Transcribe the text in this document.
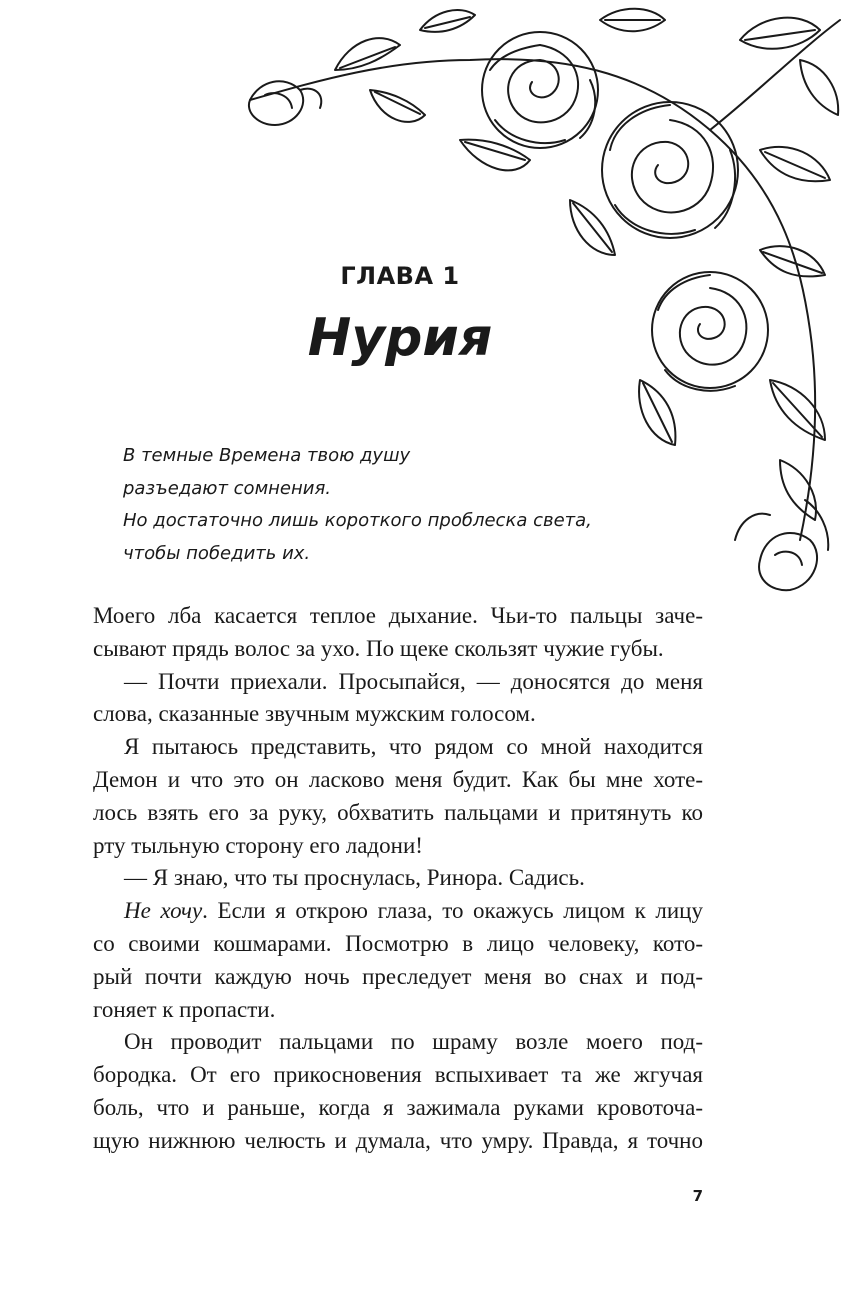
ГЛАВА 1
Нурия
В темные Времена твою душу
разъедают сомнения.
Но достаточно лишь короткого проблеска света,
чтобы победить их.
Моего лба касается теплое дыхание. Чьи-то пальцы заче-
сывают прядь волос за ухо. По щеке скользят чужие губы.
— Почти приехали. Просыпайся, — доносятся до меня
слова, сказанные звучным мужским голосом.
Я пытаюсь представить, что рядом со мной находится
Демон и что это он ласково меня будит. Как бы мне хоте-
лось взять его за руку, обхватить пальцами и притянуть ко
рту тыльную сторону его ладони!
— Я знаю, что ты проснулась, Ринора. Садись.
Не хочу. Если я открою глаза, то окажусь лицом к лицу
со своими кошмарами. Посмотрю в лицо человеку, кото-
рый почти каждую ночь преследует меня во снах и под-
гоняет к пропасти.
Он проводит пальцами по шраму возле моего под-
бородка. От его прикосновения вспыхивает та же жгучая
боль, что и раньше, когда я зажимала руками кровоточа-
щую нижнюю челюсть и думала, что умру. Правда, я точно
7
